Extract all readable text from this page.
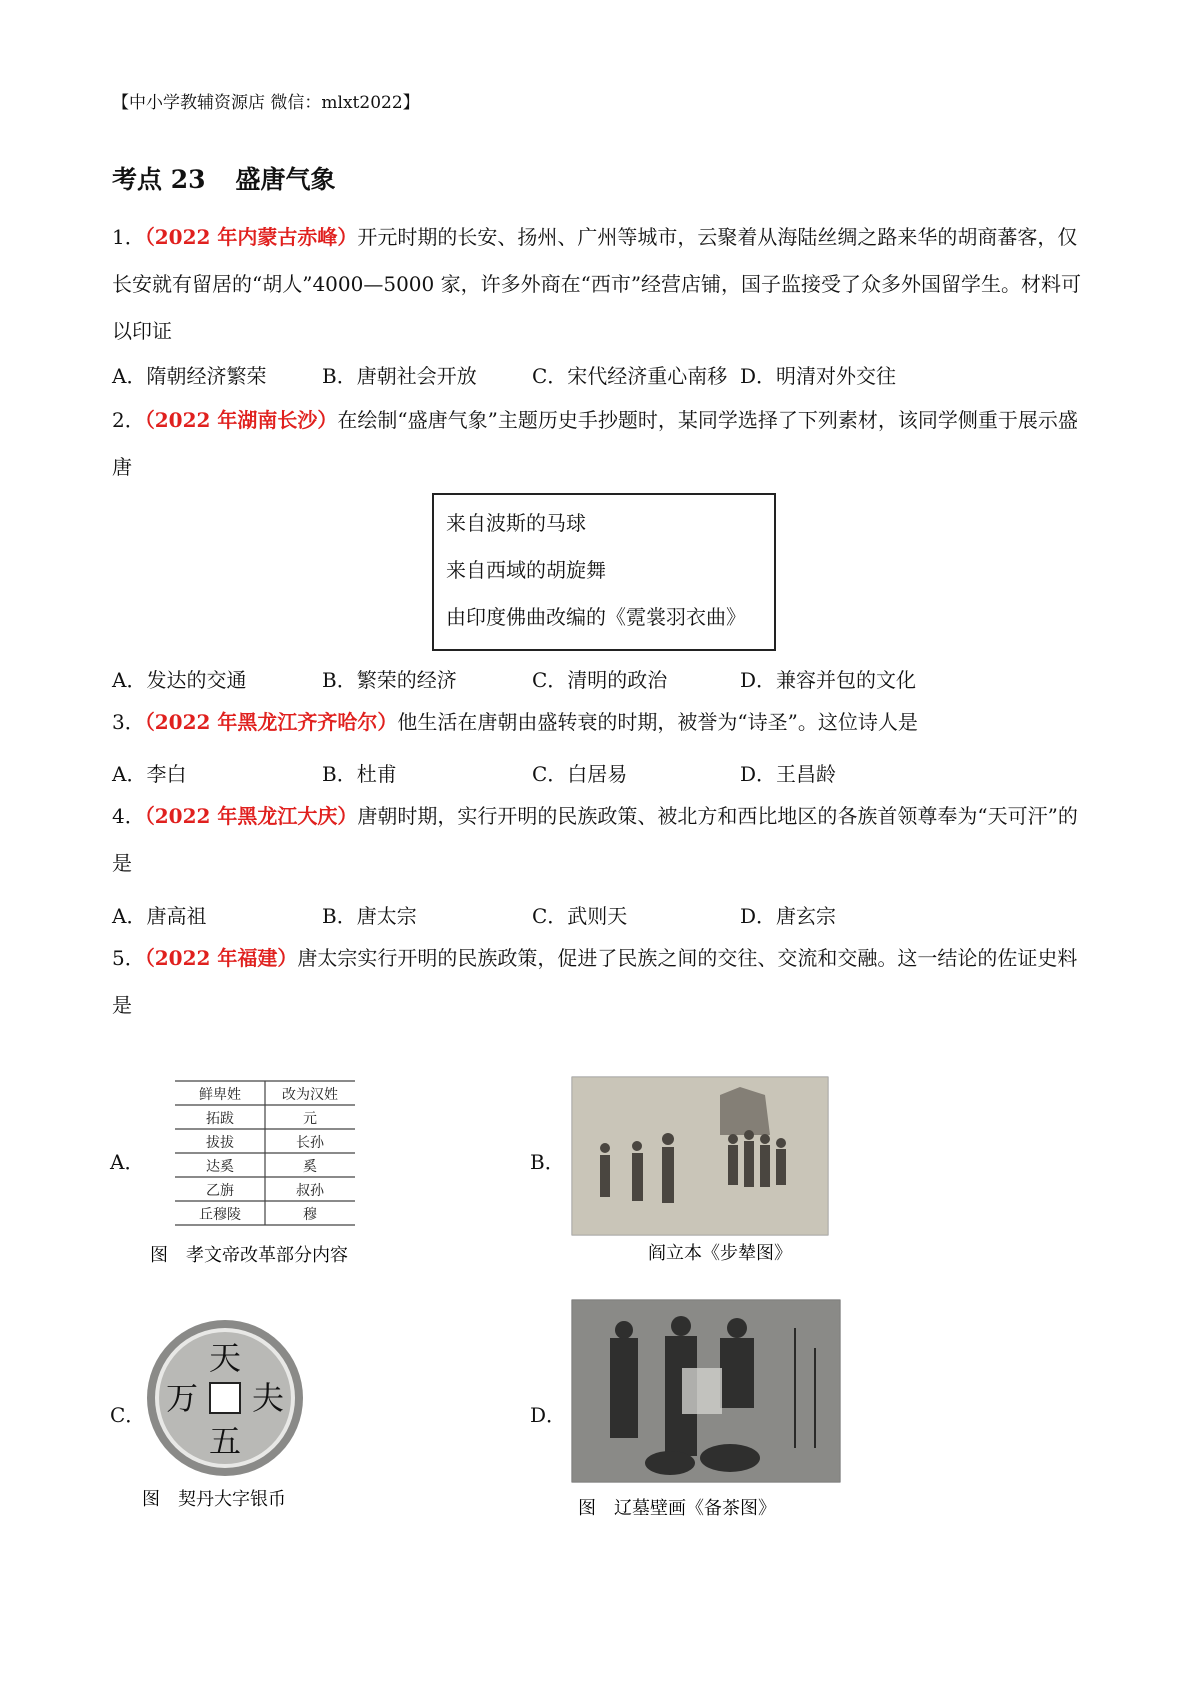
【中小学教辅资源店 微信：mlxt2022】
考点 23 盛唐气象
1．（2022 年内蒙古赤峰）开元时期的长安、扬州、广州等城市，云聚着从海陆丝绸之路来华的胡商蕃客，仅长安就有留居的“胡人”4000—5000 家，许多外商在“西市”经营店铺，国子监接受了众多外国留学生。材料可以印证
A．隋朝经济繁荣	B．唐朝社会开放	C．宋代经济重心南移 D．明清对外交往
2．（2022 年湖南长沙）在绘制“盛唐气象”主题历史手抄题时，某同学选择了下列素材，该同学侧重于展示盛唐
来自波斯的马球
来自西域的胡旋舞
由印度佛曲改编的《霓裳羽衣曲》
A．发达的交通	B．繁荣的经济	C．清明的政治	D．兼容并包的文化
3．（2022 年黑龙江齐齐哈尔）他生活在唐朝由盛转衰的时期，被誉为“诗圣”。这位诗人是
A．李白	B．杜甫	C．白居易	D．王昌龄
4．（2022 年黑龙江大庆）唐朝时期，实行开明的民族政策、被北方和西比地区的各族首领尊奉为“天可汗”的是
A．唐高祖	B．唐太宗	C．武则天	D．唐玄宗
5．（2022 年福建）唐太宗实行开明的民族政策，促进了民族之间的交往、交流和交融。这一结论的佐证史料是
A．
鲜卑姓	改为汉姓
拓跋	元
拔拔	长孙
达奚	奚
乙旃	叔孙
丘穆陵	穆
图　孝文帝改革部分内容
B．
阎立本《步辇图》
C．
天
夫
五
万
图　契丹大字银币
D．
图　辽墓壁画《备茶图》
